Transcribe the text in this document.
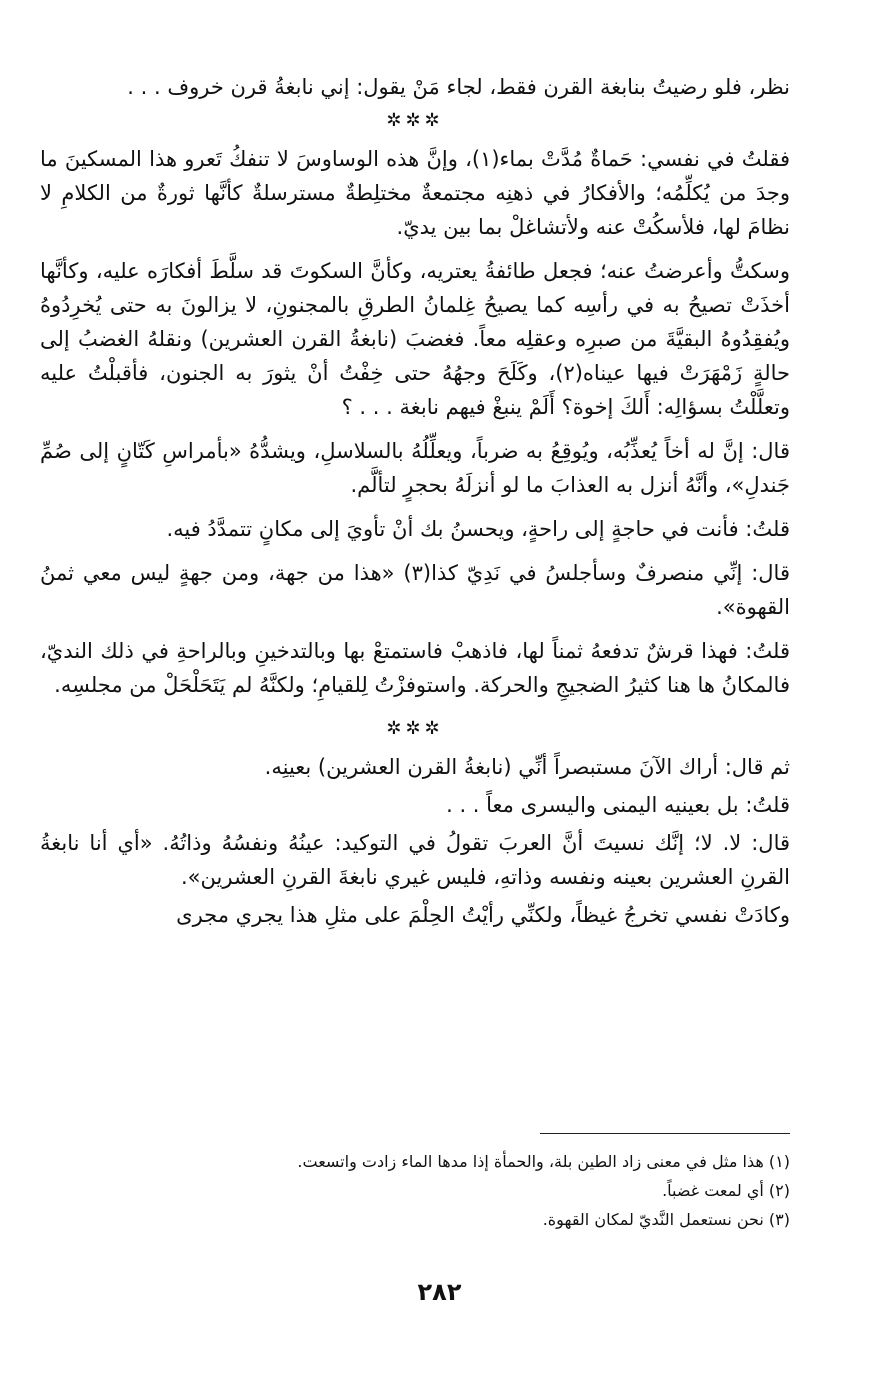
نظر، فلو رضيتُ بنابغة القرن فقط، لجاء مَنْ يقول: إني نابغةُ قرن خروف . . .

✲✲✲

فقلتُ في نفسي: حَماةٌ مُدَّتْ بماء(١)، وإنَّ هذه الوساوسَ لا تنفكُ تَعرو هذا المسكينَ ما وجدَ من يُكلِّمُه؛ والأفكارُ في ذهنِه مجتمعةٌ مختلِطةٌ مسترسلةٌ كأنَّها ثورةٌ من الكلامِ لا نظامَ لها، فلأسكُتْ عنه ولأتشاغلْ بما بين يديّ.

وسكتُّ وأعرضتُ عنه؛ فجعل طائفةُ يعتريه، وكأنَّ السكوتَ قد سلَّطَ أفكارَه عليه، وكأنَّها أخذَتْ تصيحُ به في رأسِه كما يصيحُ غِلمانُ الطرقِ بالمجنونِ، لا يزالونَ به حتى يُخرِدُوهُ ويُفقِدُوهُ البقيَّةَ من صبرِه وعقلِه معاً. فغضبَ (نابغةُ القرن العشرين) ونقلهُ الغضبُ إلى حالةٍ زَمْهَرَتْ فيها عيناه(٢)، وكَلَحَ وجهُهُ حتى خِفْتُ أنْ يثورَ به الجنون، فأقبلْتُ عليه وتعلَّلْتُ بسؤالِه: أَلكَ إخوة؟ أَلَمْ ينبغْ فيهم نابغة . . . ؟

قال: إنَّ له أخاً يُعذِّبُه، ويُوقِعُ به ضرباً، ويعلِّلُهُ بالسلاسلِ، ويشدُّهُ «بأمراسِ كَتّانٍ إلى صُمِّ جَندلِ»، وأنَّهُ أنزل به العذابَ ما لو أنزلَهُ بحجرٍ لتألَّم.

قلتُ: فأنت في حاجةٍ إلى راحةٍ، ويحسنُ بك أنْ تأويَ إلى مكانٍ تتمدَّدُ فيه.

قال: إنِّي منصرفٌ وسأجلسُ في نَدِيّ كذا(٣) «هذا من جهة، ومن جهةٍ ليس معي ثمنُ القهوة».

قلتُ: فهذا قرشٌ تدفعهُ ثمناً لها، فاذهبْ فاستمتعْ بها وبالتدخينِ وبالراحةِ في ذلك النديّ، فالمكانُ ها هنا كثيرُ الضجيجِ والحركة. واستوفزْتُ لِلقيامِ؛ ولكنَّهُ لم يَتَحَلْحَلْ من مجلسِه.

✲✲✲

ثم قال: أراك الآنَ مستبصراً أنِّي (نابغةُ القرن العشرين) بعينِه.

قلتُ: بل بعينيه اليمنى واليسرى معاً . . .

قال: لا. لا؛ إنَّك نسيتَ أنَّ العربَ تقولُ في التوكيد: عينُهُ ونفسُهُ وذاتُهُ. «أي أنا نابغةُ القرنِ العشرين بعينه ونفسه وذاتهِ، فليس غيري نابغةَ القرنِ العشرين».

وكادَتْ نفسي تخرجُ غيظاً، ولكنِّي رأيْتُ الحِلْمَ على مثلِ هذا يجري مجرى

(١) هذا مثل في معنى زاد الطين بلة، والحمأة إذا مدها الماء زادت واتسعت.
(٢) أي لمعت غضباً.
(٣) نحن نستعمل النَّديّ لمكان القهوة.
٢٨٢
